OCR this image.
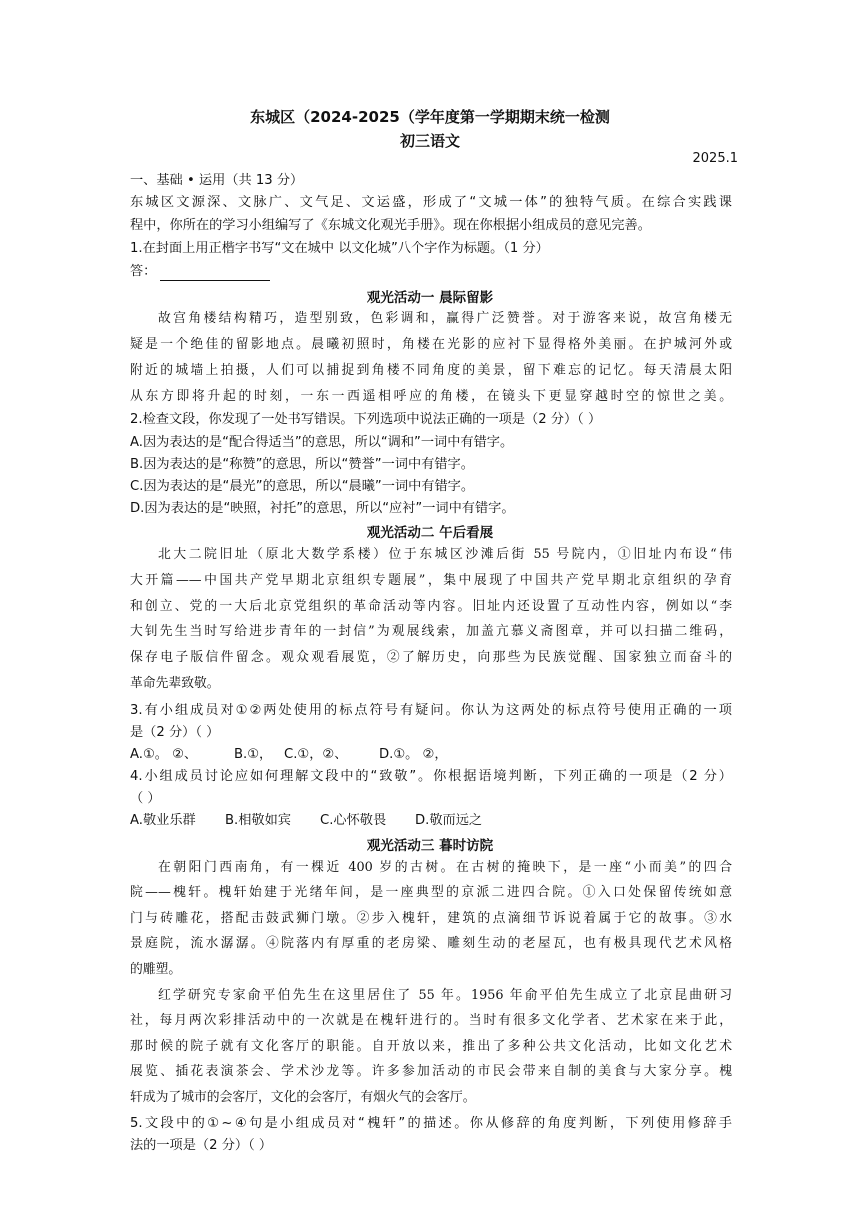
东城区（2024-2025（学年度第一学期期末统一检测
初三语文
2025.1
一、基础 • 运用（共 13 分）
东城区文源深、文脉广、文气足、文运盛，形成了“文城一体”的独特气质。在综合实践课
程中，你所在的学习小组编写了《东城文化观光手册》。现在你根据小组成员的意见完善。
1.在封面上用正楷字书写“文在城中 以文化城”八个字作为标题。（1 分）
答：
观光活动一 晨际留影
故宫角楼结构精巧，造型别致，色彩调和，赢得广泛赞誉。对于游客来说，故宫角楼无
疑是一个绝佳的留影地点。晨曦初照时，角楼在光影的应衬下显得格外美丽。在护城河外或
附近的城墙上拍摄，人们可以捕捉到角楼不同角度的美景，留下难忘的记忆。每天清晨太阳
从东方即将升起的时刻，一东一西遥相呼应的角楼，在镜头下更显穿越时空的惊世之美。
2.检查文段，你发现了一处书写错误。下列选项中说法正确的一项是（2 分）（ ）
A.因为表达的是“配合得适当”的意思，所以“调和”一词中有错字。
B.因为表达的是“称赞”的意思，所以“赞誉”一词中有错字。
C.因为表达的是“晨光”的意思，所以“晨曦”一词中有错字。
D.因为表达的是“映照，衬托”的意思，所以“应衬”一词中有错字。
观光活动二 午后看展
北大二院旧址（原北大数学系楼）位于东城区沙滩后街 55 号院内，①旧址内布设“伟
大开篇——中国共产党早期北京组织专题展”，集中展现了中国共产党早期北京组织的孕育
和创立、党的一大后北京党组织的革命活动等内容。旧址内还设置了互动性内容，例如以“李
大钊先生当时写给进步青年的一封信”为观展线索，加盖亢慕义斋图章，并可以扫描二维码，
保存电子版信件留念。观众观看展览，②了解历史，向那些为民族觉醒、国家独立而奋斗的
革命先辈致敬。
3.有小组成员对①②两处使用的标点符号有疑问。你认为这两处的标点符号使用正确的一项
是（2 分）（ ）
A.①。 ②、	B.①， C.①，②、 D.①。 ②，
4.小组成员讨论应如何理解文段中的“致敬”。你根据语境判断，下列正确的一项是（2 分）
（ ）
A.敬业乐群 B.相敬如宾 C.心怀敬畏 D.敬而远之
观光活动三 暮时访院
在朝阳门西南角，有一棵近 400 岁的古树。在古树的掩映下，是一座“小而美”的四合
院——槐轩。槐轩始建于光绪年间，是一座典型的京派二进四合院。①入口处保留传统如意
门与砖雕花，搭配击鼓武狮门墩。②步入槐轩，建筑的点滴细节诉说着属于它的故事。③水
景庭院，流水潺潺。④院落内有厚重的老房梁、雕刻生动的老屋瓦，也有极具现代艺术风格
的雕塑。
红学研究专家俞平伯先生在这里居住了 55 年。1956 年俞平伯先生成立了北京昆曲研习
社，每月两次彩排活动中的一次就是在槐轩进行的。当时有很多文化学者、艺术家在来于此，
那时候的院子就有文化客厅的职能。自开放以来，推出了多种公共文化活动，比如文化艺术
展览、插花表演茶会、学术沙龙等。许多参加活动的市民会带来自制的美食与大家分享。槐
轩成为了城市的会客厅，文化的会客厅，有烟火气的会客厅。
5.文段中的①~④句是小组成员对“槐轩”的描述。你从修辞的角度判断，下列使用修辞手
法的一项是（2 分）（ ）
